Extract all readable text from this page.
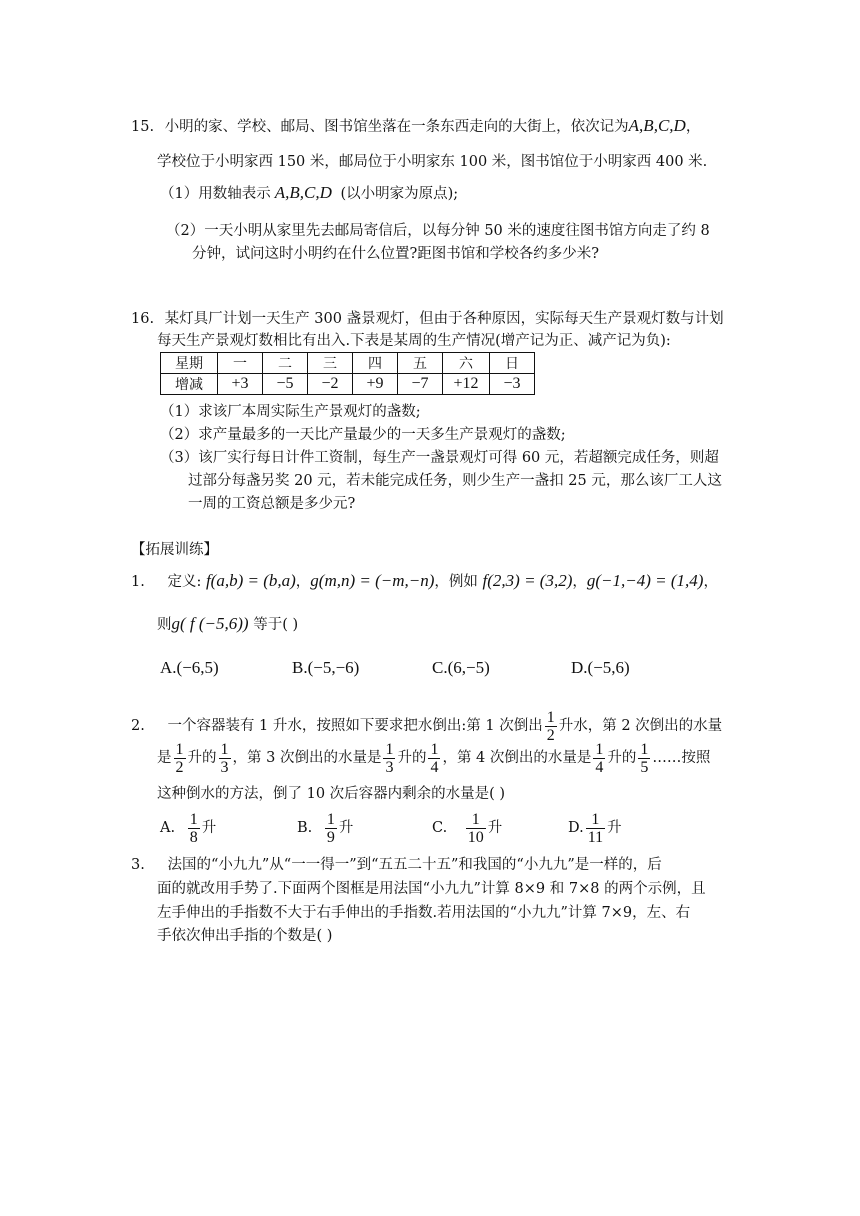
15. 小明的家、学校、邮局、图书馆坐落在一条东西走向的大街上，依次记为A,B,C,D，
学校位于小明家西 150 米，邮局位于小明家东 100 米，图书馆位于小明家西 400 米.
（1）用数轴表示 A,B,C,D (以小明家为原点);
（2）一天小明从家里先去邮局寄信后，以每分钟 50 米的速度往图书馆方向走了约 8
分钟，试问这时小明约在什么位置?距图书馆和学校各约多少米?
16. 某灯具厂计划一天生产 300 盏景观灯，但由于各种原因，实际每天生产景观灯数与计划
每天生产景观灯数相比有出入.下表是某周的生产情况(增产记为正、减产记为负):
星期	一	二	三	四	五	六	日
增减	+3	−5	−2	+9	−7	+12	−3
（1）求该厂本周实际生产景观灯的盏数;
（2）求产量最多的一天比产量最少的一天多生产景观灯的盏数;
（3）该厂实行每日计件工资制，每生产一盏景观灯可得 60 元，若超额完成任务，则超
过部分每盏另奖 20 元，若未能完成任务，则少生产一盏扣 25 元，那么该厂工人这
一周的工资总额是多少元?
【拓展训练】
1. 定义: f(a,b) = (b,a)，g(m,n) = (−m,−n)，例如 f(2,3) = (3,2)，g(−1,−4) = (1,4)，
则g( f (−5,6)) 等于( )
A.(−6,5)	B.(−5,−6)	C.(6,−5)	D.(−5,6)
2. 一个容器装有 1 升水，按照如下要求把水倒出:第 1 次倒出 $\frac{1}{2}$ 升水，第 2 次倒出的水量
是 $\frac{1}{2}$ 升的 $\frac{1}{3}$ ，第 3 次倒出的水量是 $\frac{1}{3}$ 升的 $\frac{1}{4}$ ，第 4 次倒出的水量是 $\frac{1}{4}$ 升的 $\frac{1}{5}$ ……按照
这种倒水的方法，倒了 10 次后容器内剩余的水量是( )
A. $\frac{1}{8}$ 升	B. $\frac{1}{9}$ 升	C. $\frac{1}{10}$ 升	D. $\frac{1}{11}$ 升
3. 法国的“小九九”从“一一得一”到“五五二十五”和我国的“小九九”是一样的，后
面的就改用手势了.下面两个图框是用法国“小九九”计算 8×9 和 7×8 的两个示例，且
左手伸出的手指数不大于右手伸出的手指数.若用法国的“小九九”计算 7×9，左、右
手依次伸出手指的个数是( )
